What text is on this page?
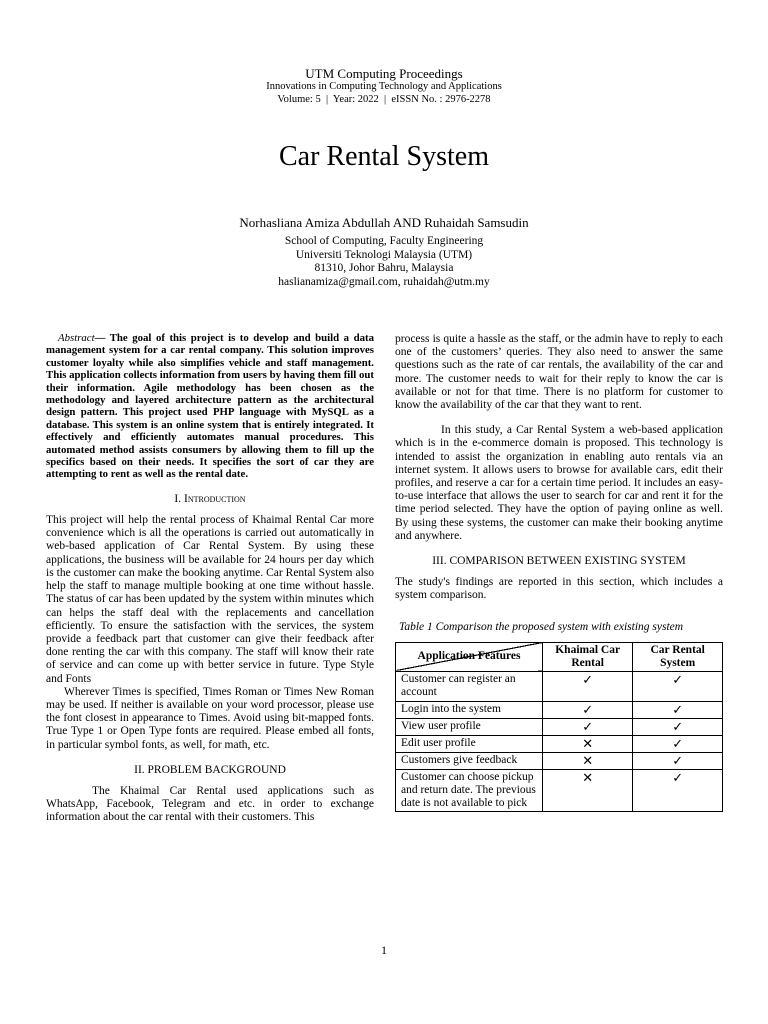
UTM Computing Proceedings
Innovations in Computing Technology and Applications
Volume: 5  |  Year: 2022  |  eISSN No. : 2976-2278
Car Rental System
Norhasliana Amiza Abdullah AND Ruhaidah Samsudin
School of Computing, Faculty Engineering
Universiti Teknologi Malaysia (UTM)
81310, Johor Bahru, Malaysia
haslianamiza@gmail.com, ruhaidah@utm.my

Abstract— The goal of this project is to develop and build a data management system for a car rental company. This solution improves customer loyalty while also simplifies vehicle and staff management. This application collects information from users by having them fill out their information. Agile methodology has been chosen as the methodology and layered architecture pattern as the architectural design pattern. This project used PHP language with MySQL as a database. This system is an online system that is entirely integrated. It effectively and efficiently automates manual procedures. This automated method assists consumers by allowing them to fill up the specifics based on their needs. It specifies the sort of car they are attempting to rent as well as the rental date.

I. Introduction

This project will help the rental process of Khaimal Rental Car more convenience which is all the operations is carried out automatically in web-based application of Car Rental System. By using these applications, the business will be available for 24 hours per day which is the customer can make the booking anytime. Car Rental System also help the staff to manage multiple booking at one time without hassle. The status of car has been updated by the system within minutes which can helps the staff deal with the replacements and cancellation efficiently. To ensure the satisfaction with the services, the system provide a feedback part that customer can give their feedback after done renting the car with this company. The staff will know their rate of service and can come up with better service in future. Type Style and Fonts

Wherever Times is specified, Times Roman or Times New Roman may be used. If neither is available on your word processor, please use the font closest in appearance to Times. Avoid using bit-mapped fonts. True Type 1 or Open Type fonts are required. Please embed all fonts, in particular symbol fonts, as well, for math, etc.

II. PROBLEM BACKGROUND

The Khaimal Car Rental used applications such as WhatsApp, Facebook, Telegram and etc. in order to exchange information about the car rental with their customers. This

process is quite a hassle as the staff, or the admin have to reply to each one of the customers’ queries. They also need to answer the same questions such as the rate of car rentals, the availability of the car and more. The customer needs to wait for their reply to know the car is available or not for that time. There is no platform for customer to know the availability of the car that they want to rent.

In this study, a Car Rental System a web-based application which is in the e-commerce domain is proposed. This technology is intended to assist the organization in enabling auto rentals via an internet system. It allows users to browse for available cars, edit their profiles, and reserve a car for a certain time period. It includes an easy-to-use interface that allows the user to search for car and rent it for the time period selected. They have the option of paying online as well. By using these systems, the customer can make their booking anytime and anywhere.

III. COMPARISON BETWEEN EXISTING SYSTEM

The study's findings are reported in this section, which includes a system comparison.

Table 1 Comparison the proposed system with existing system
Application Features	Khaimal Car Rental	Car Rental System
Customer can register an account	✓	✓
Login into the system	✓	✓
View user profile	✓	✓
Edit user profile	✕	✓
Customers give feedback	✕	✓
Customer can choose pickup and return date. The previous date is not available to pick	✕	✓
1
